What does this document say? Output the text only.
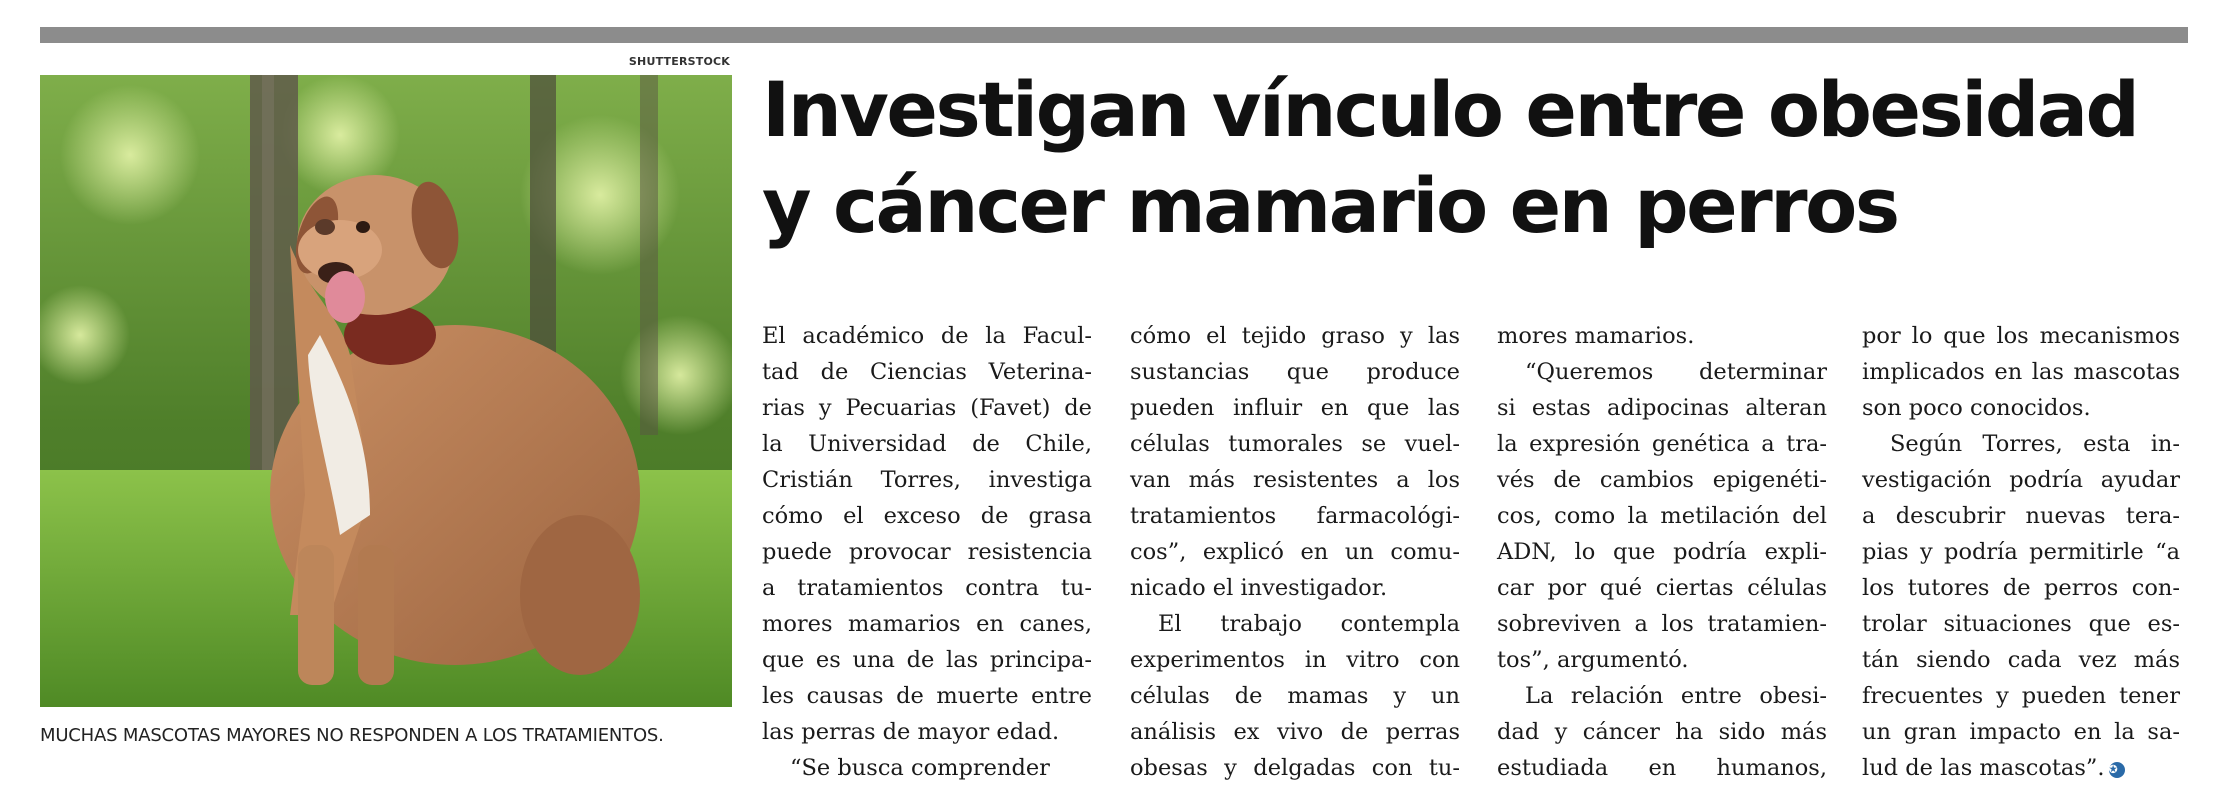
SHUTTERSTOCK
MUCHAS MASCOTAS MAYORES NO RESPONDEN A LOS TRATAMIENTOS.
Investigan vínculo entre obesidad
y cáncer mamario en perros
El académico de la Facul-
tad de Ciencias Veterina-
rias y Pecuarias (Favet) de
la Universidad de Chile,
Cristián Torres, investiga
cómo el exceso de grasa
puede provocar resistencia
a tratamientos contra tu-
mores mamarios en canes,
que es una de las principa-
les causas de muerte entre
las perras de mayor edad.
“Se busca comprender
cómo el tejido graso y las
sustancias que produce
pueden influir en que las
células tumorales se vuel-
van más resistentes a los
tratamientos farmacológi-
cos”, explicó en un comu-
nicado el investigador.
El trabajo contempla
experimentos in vitro con
células de mamas y un
análisis ex vivo de perras
obesas y delgadas con tu-
mores mamarios.
“Queremos determinar
si estas adipocinas alteran
la expresión genética a tra-
vés de cambios epigenéti-
cos, como la metilación del
ADN, lo que podría expli-
car por qué ciertas células
sobreviven a los tratamien-
tos”, argumentó.
La relación entre obesi-
dad y cáncer ha sido más
estudiada en humanos,
por lo que los mecanismos
implicados en las mascotas
son poco conocidos.
Según Torres, esta in-
vestigación podría ayudar
a descubrir nuevas tera-
pias y podría permitirle “a
los tutores de perros con-
trolar situaciones que es-
tán siendo cada vez más
frecuentes y pueden tener
un gran impacto en la sa-
lud de las mascotas”. ✪
